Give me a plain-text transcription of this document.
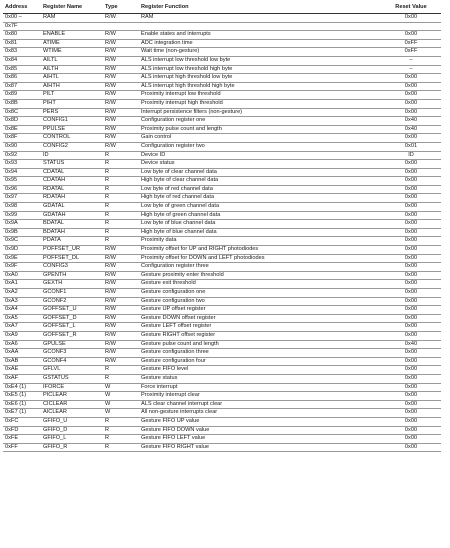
Address	Register Name	Type	Register Function	Reset Value
0x00 –	RAM	R/W	RAM	0x00
0x7F				
0x80	ENABLE	R/W	Enable states and interrupts	0x00
0x81	ATIME	R/W	ADC integration time	0xFF
0x83	WTIME	R/W	Wait time (non-gesture)	0xFF
0x84	AILTL	R/W	ALS interrupt low threshold low byte	--
0x85	AILTH	R/W	ALS interrupt low threshold high byte	--
0x86	AIHTL	R/W	ALS interrupt high threshold low byte	0x00
0x87	AIHTH	R/W	ALS interrupt high threshold high byte	0x00
0x89	PILT	R/W	Proximity interrupt low threshold	0x00
0x8B	PIHT	R/W	Proximity interrupt high threshold	0x00
0x8C	PERS	R/W	Interrupt persistence filters (non-gesture)	0x00
0x8D	CONFIG1	R/W	Configuration register one	0x40
0x8E	PPULSE	R/W	Proximity pulse count and length	0x40
0x8F	CONTROL	R/W	Gain control	0x00
0x90	CONFIG2	R/W	Configuration register two	0x01
0x92	ID	R	Device ID	ID
0x93	STATUS	R	Device status	0x00
0x94	CDATAL	R	Low byte of clear channel data	0x00
0x95	CDATAH	R	High byte of clear channel data	0x00
0x96	RDATAL	R	Low byte of red channel data	0x00
0x97	RDATAH	R	High byte of red channel data	0x00
0x98	GDATAL	R	Low byte of green channel data	0x00
0x99	GDATAH	R	High byte of green channel data	0x00
0x9A	BDATAL	R	Low byte of blue channel data	0x00
0x9B	BDATAH	R	High byte of blue channel data	0x00
0x9C	PDATA	R	Proximity data	0x00
0x9D	POFFSET_UR	R/W	Proximity offset for UP and RIGHT photodiodes	0x00
0x9E	POFFSET_DL	R/W	Proximity offset for DOWN and LEFT photodiodes	0x00
0x9F	CONFIG3	R/W	Configuration register three	0x00
0xA0	GPENTH	R/W	Gesture proximity enter threshold	0x00
0xA1	GEXTH	R/W	Gesture exit threshold	0x00
0xA2	GCONF1	R/W	Gesture configuration one	0x00
0xA3	GCONF2	R/W	Gesture configuration two	0x00
0xA4	GOFFSET_U	R/W	Gesture UP offset register	0x00
0xA5	GOFFSET_D	R/W	Gesture DOWN offset register	0x00
0xA7	GOFFSET_L	R/W	Gesture LEFT offset register	0x00
0xA9	GOFFSET_R	R/W	Gesture RIGHT offset register	0x00
0xA6	GPULSE	R/W	Gesture pulse count and length	0x40
0xAA	GCONF3	R/W	Gesture configuration three	0x00
0xAB	GCONF4	R/W	Gesture configuration four	0x00
0xAE	GFLVL	R	Gesture FIFO level	0x00
0xAF	GSTATUS	R	Gesture status	0x00
0xE4 (1)	IFORCE	W	Force interrupt	0x00
0xE5 (1)	PICLEAR	W	Proximity interrupt clear	0x00
0xE6 (1)	CICLEAR	W	ALS clear channel interrupt clear	0x00
0xE7 (1)	AICLEAR	W	All non-gesture interrupts clear	0x00
0xFC	GFIFO_U	R	Gesture FIFO UP value	0x00
0xFD	GFIFO_D	R	Gesture FIFO DOWN value	0x00
0xFE	GFIFO_L	R	Gesture FIFO LEFT value	0x00
0xFF	GFIFO_R	R	Gesture FIFO RIGHT value	0x00
